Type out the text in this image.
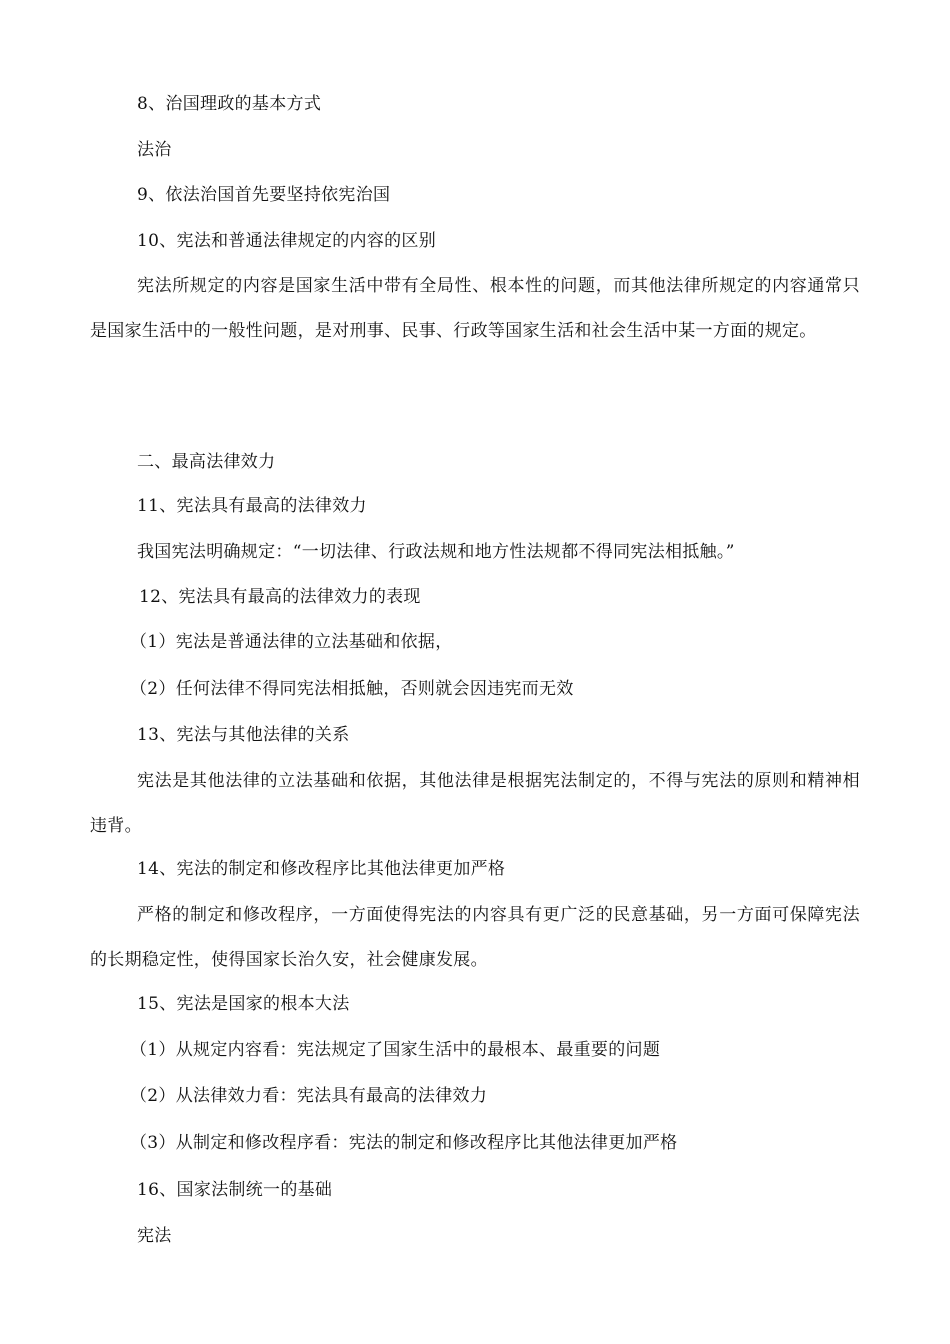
8、治国理政的基本方式
法治
9、依法治国首先要坚持依宪治国
10、宪法和普通法律规定的内容的区别
宪法所规定的内容是国家生活中带有全局性、根本性的问题，而其他法律所规定的内容通常只是国家生活中的一般性问题，是对刑事、民事、行政等国家生活和社会生活中某一方面的规定。
二、最高法律效力
11、宪法具有最高的法律效力
我国宪法明确规定：“一切法律、行政法规和地方性法规都不得同宪法相抵触。”
12、宪法具有最高的法律效力的表现
（1）宪法是普通法律的立法基础和依据，
（2）任何法律不得同宪法相抵触，否则就会因违宪而无效
13、宪法与其他法律的关系
宪法是其他法律的立法基础和依据，其他法律是根据宪法制定的，不得与宪法的原则和精神相违背。
14、宪法的制定和修改程序比其他法律更加严格
严格的制定和修改程序，一方面使得宪法的内容具有更广泛的民意基础，另一方面可保障宪法的长期稳定性，使得国家长治久安，社会健康发展。
15、宪法是国家的根本大法
（1）从规定内容看：宪法规定了国家生活中的最根本、最重要的问题
（2）从法律效力看：宪法具有最高的法律效力
（3）从制定和修改程序看：宪法的制定和修改程序比其他法律更加严格
16、国家法制统一的基础
宪法
